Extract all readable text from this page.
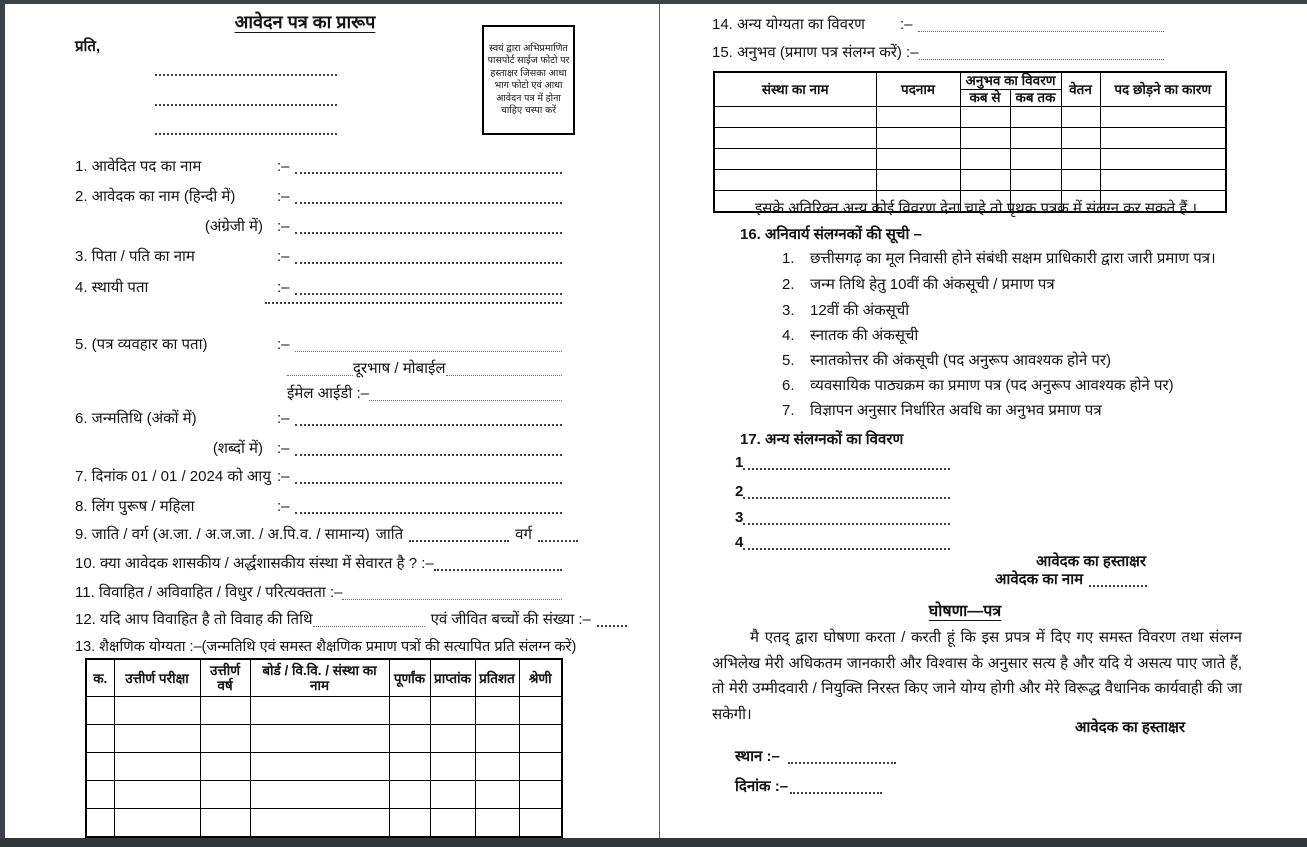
आवेदन पत्र का प्रारूप
प्रति,	स्वयं द्वारा अभिप्रमाणित पासपोर्ट साईज फोटो पर हस्ताक्षर जिसका आधा भाग फोटो एवं आधा आवेदन पत्र में होना चाहिए चस्पा करें
1. आवेदित पद का नाम	:–
2. आवेदक का नाम (हिन्दी में)	:–
(अंग्रेजी में) :–
3. पिता / पति का नाम	:–
4. स्थायी पता	:–
5. (पत्र व्यवहार का पता)	:–
दूरभाष / मोबाईल
ईमेल आईडी :–
6. जन्मतिथि (अंकों में)	:–
(शब्दों में) :–
7. दिनांक 01 / 01 / 2024 को आयु :–
8. लिंग पुरूष / महिला	:–
9. जाति / वर्ग (अ.जा. / अ.ज.जा. / अ.पि.व. / सामान्य) जाति	वर्ग
10. क्या आवेदक शासकीय / अर्द्धशासकीय संस्था में सेवारत है ? :–
11. विवाहित / अविवाहित / विधुर / परित्यक्तता :–
12. यदि आप विवाहित है तो विवाह की तिथि	एवं जीवित बच्चों की संख्या :–
13. शैक्षणिक योग्यता :–(जन्मतिथि एवं समस्त शैक्षणिक प्रमाण पत्रों की सत्यापित प्रति संलग्न करें)
क.	उत्तीर्ण परीक्षा	उत्तीर्ण वर्ष	बोर्ड / वि.वि. / संस्था का नाम	पूर्णांक	प्राप्तांक	प्रतिशत	श्रेणी

14. अन्य योग्यता का विवरण	:–
15. अनुभव (प्रमाण पत्र संलग्न करें) :–
संस्था का नाम	पदनाम	अनुभव का विवरण		वेतन	पद छोड़ने का कारण
		कब से	कब तक		

इसके अतिरिक्त अन्य कोई विवरण देना चाहे तो पृथक पत्रक में संलग्न कर सकते हैं ।
16. अनिवार्य संलग्नकों की सूची –
1.	छत्तीसगढ़ का मूल निवासी होने संबंधी सक्षम प्राधिकारी द्वारा जारी प्रमाण पत्र।
2.	जन्म तिथि हेतु 10वीं की अंकसूची / प्रमाण पत्र
3.	12वीं की अंकसूची
4.	स्नातक की अंकसूची
5.	स्नातकोत्तर की अंकसूची (पद अनुरूप आवश्यक होने पर)
6.	व्यवसायिक पाठ्यक्रम का प्रमाण पत्र (पद अनुरूप आवश्यक होने पर)
7.	विज्ञापन अनुसार निर्धारित अवधि का अनुभव प्रमाण पत्र
17. अन्य संलग्नकों का विवरण
1
2
3
4
आवेदक का हस्ताक्षर
आवेदक का नाम
घोषणा—पत्र
मै एतद् द्वारा घोषणा करता / करती हूं कि इस प्रपत्र में दिए गए समस्त विवरण तथा संलग्न अभिलेख मेरी अधिकतम जानकारी और विश्वास के अनुसार सत्य है और यदि ये असत्य पाए जाते हैं, तो मेरी उम्मीदवारी / नियुक्ति निरस्त किए जाने योग्य होगी और मेरे विरूद्ध वैधानिक कार्यवाही की जा सकेगी।
आवेदक का हस्ताक्षर
स्थान :–
दिनांक :–
